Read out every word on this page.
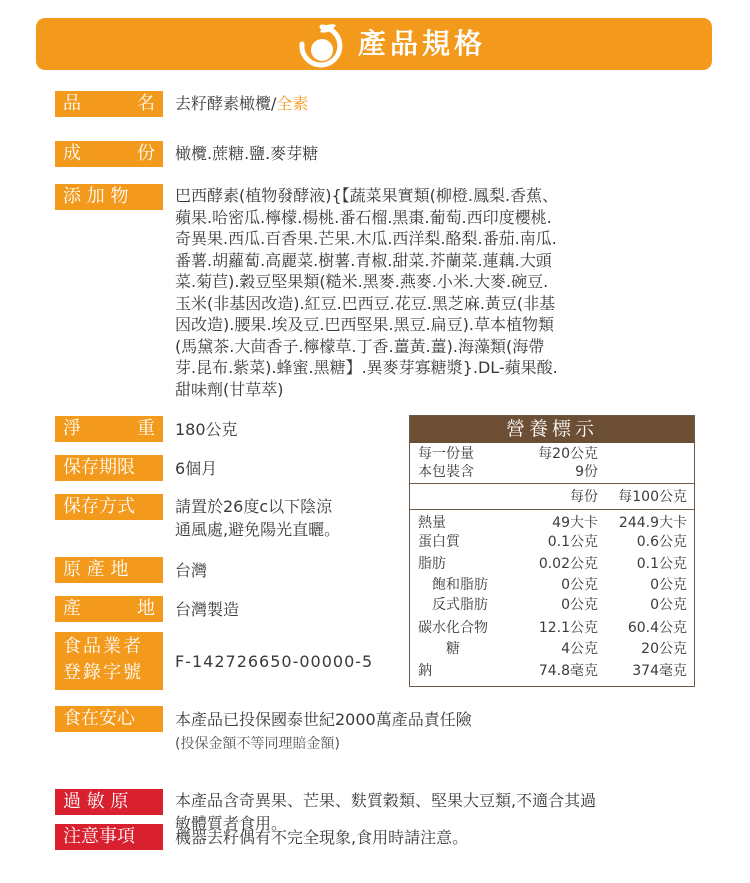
產品規格
品	名 去籽酵素橄欖/全素
成	份 橄欖.蔗糖.鹽.麥芽糖
添 加 物	巴西酵素(植物發酵液){【蔬菜果實類(柳橙.鳳梨.香蕉、
蘋果.哈密瓜.檸檬.楊桃.番石榴.黑棗.葡萄.西印度櫻桃.
奇異果.西瓜.百香果.芒果.木瓜.西洋梨.酪梨.番茄.南瓜.
番薯.胡蘿蔔.高麗菜.樹薯.青椒.甜菜.芥蘭菜.蓮藕.大頭
菜.菊苣).穀豆堅果類(糙米.黑麥.燕麥.小米.大麥.碗豆.
玉米(非基因改造).紅豆.巴西豆.花豆.黑芝麻.黃豆(非基
因改造).腰果.埃及豆.巴西堅果.黑豆.扁豆).草本植物類
(馬黛茶.大茴香子.檸檬草.丁香.薑黃.薑).海藻類(海帶
芽.昆布.紫菜).蜂蜜.黑糖】.異麥芽寡糖漿}.DL-蘋果酸.
甜味劑(甘草萃)
淨	重 180公克
保存期限	6個月
保存方式	請置於26度c以下陰涼
通風處,避免陽光直曬。
原 產 地	台灣
產	地 台灣製造
食品業者
登錄字號
F-142726650-00000-5
食在安心	本產品已投保國泰世紀2000萬產品責任險
(投保金額不等同理賠金額)
過 敏 原	本產品含奇異果、芒果、麩質穀類、堅果大豆類,不適合其過
敏體質者食用。
注意事項	機器去籽偶有不完全現象,食用時請注意。
營養標示
每一份量	每20公克
本包裝含	9份
每份 每100公克
熱量	49大卡 244.9大卡
蛋白質	0.1公克	0.6公克
脂肪	0.02公克	0.1公克
飽和脂肪	0公克	0公克
反式脂肪	0公克	0公克
碳水化合物	12.1公克 60.4公克
糖	4公克	20公克
鈉	74.8毫克 374毫克
